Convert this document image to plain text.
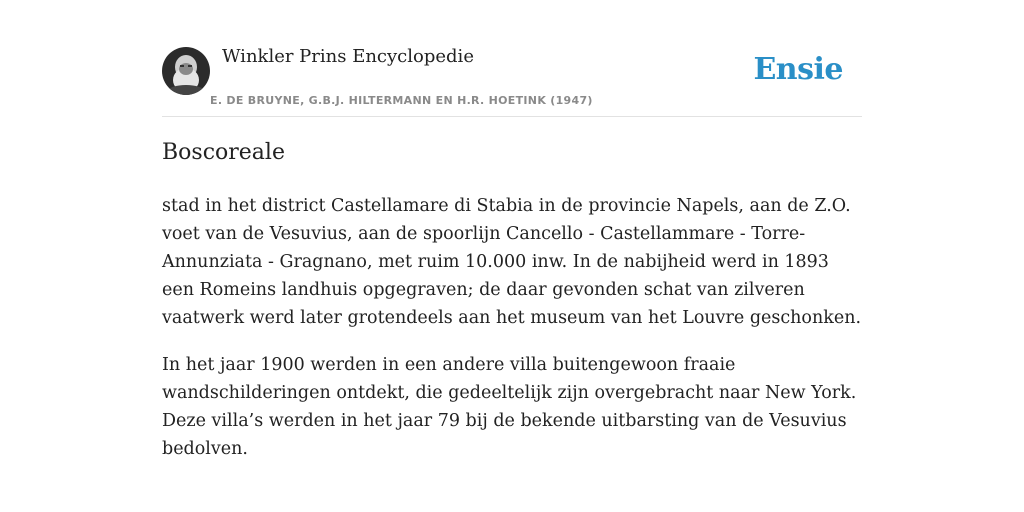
Winkler Prins Encyclopedie
E. DE BRUYNE, G.B.J. HILTERMANN EN H.R. HOETINK (1947)
Ensie
Boscoreale

stad in het district Castellamare di Stabia in de provincie Napels, aan de Z.O. voet van de Vesuvius, aan de spoorlijn Cancello - Castellammare - Torre-Annunziata - Gragnano, met ruim 10.000 inw. In de nabijheid werd in 1893 een Romeins landhuis opgegraven; de daar gevonden schat van zilveren vaatwerk werd later grotendeels aan het museum van het Louvre geschonken.

In het jaar 1900 werden in een andere villa buitengewoon fraaie wandschilderingen ontdekt, die gedeeltelijk zijn overgebracht naar New York. Deze villa’s werden in het jaar 79 bij de bekende uitbarsting van de Vesuvius bedolven.
